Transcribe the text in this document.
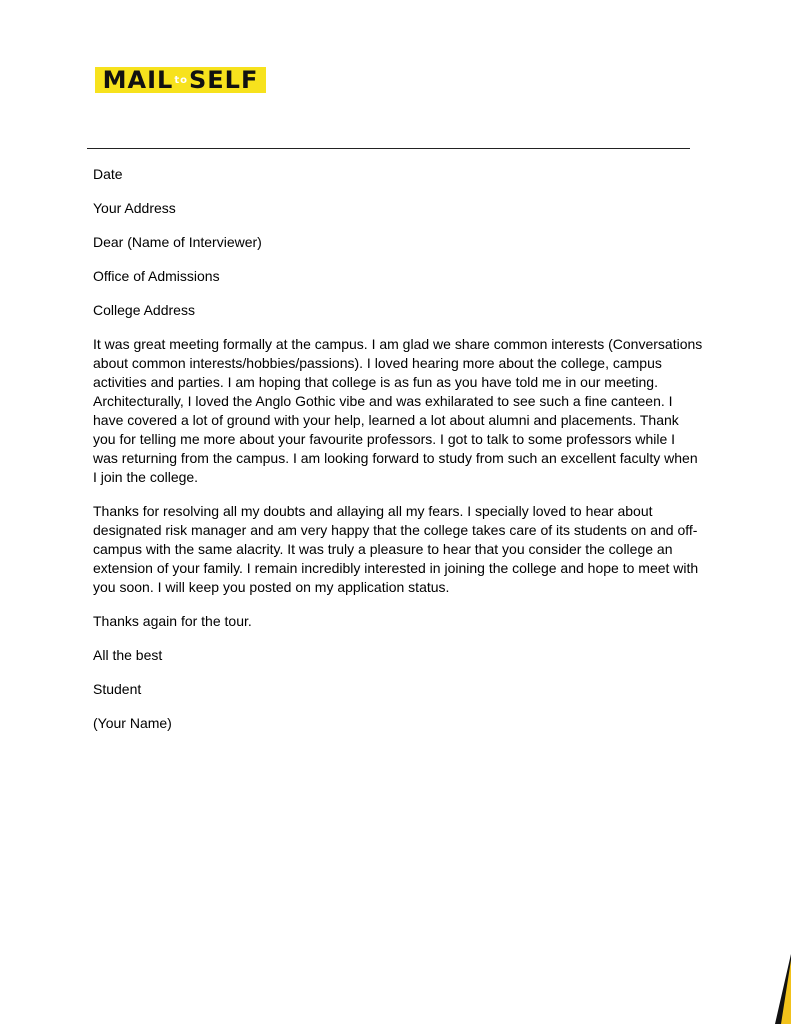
MAIL to SELF

Date

Your Address

Dear (Name of Interviewer)

Office of Admissions

College Address

It was great meeting formally at the campus. I am glad we share common interests (Conversations about common interests/hobbies/passions). I loved hearing more about the college, campus activities and parties. I am hoping that college is as fun as you have told me in our meeting. Architecturally, I loved the Anglo Gothic vibe and was exhilarated to see such a fine canteen. I have covered a lot of ground with your help, learned a lot about alumni and placements. Thank you for telling me more about your favourite professors. I got to talk to some professors while I was returning from the campus. I am looking forward to study from such an excellent faculty when I join the college.

Thanks for resolving all my doubts and allaying all my fears. I specially loved to hear about designated risk manager and am very happy that the college takes care of its students on and off-campus with the same alacrity. It was truly a pleasure to hear that you consider the college an extension of your family. I remain incredibly interested in joining the college and hope to meet with you soon. I will keep you posted on my application status.

Thanks again for the tour.

All the best

Student

(Your Name)
